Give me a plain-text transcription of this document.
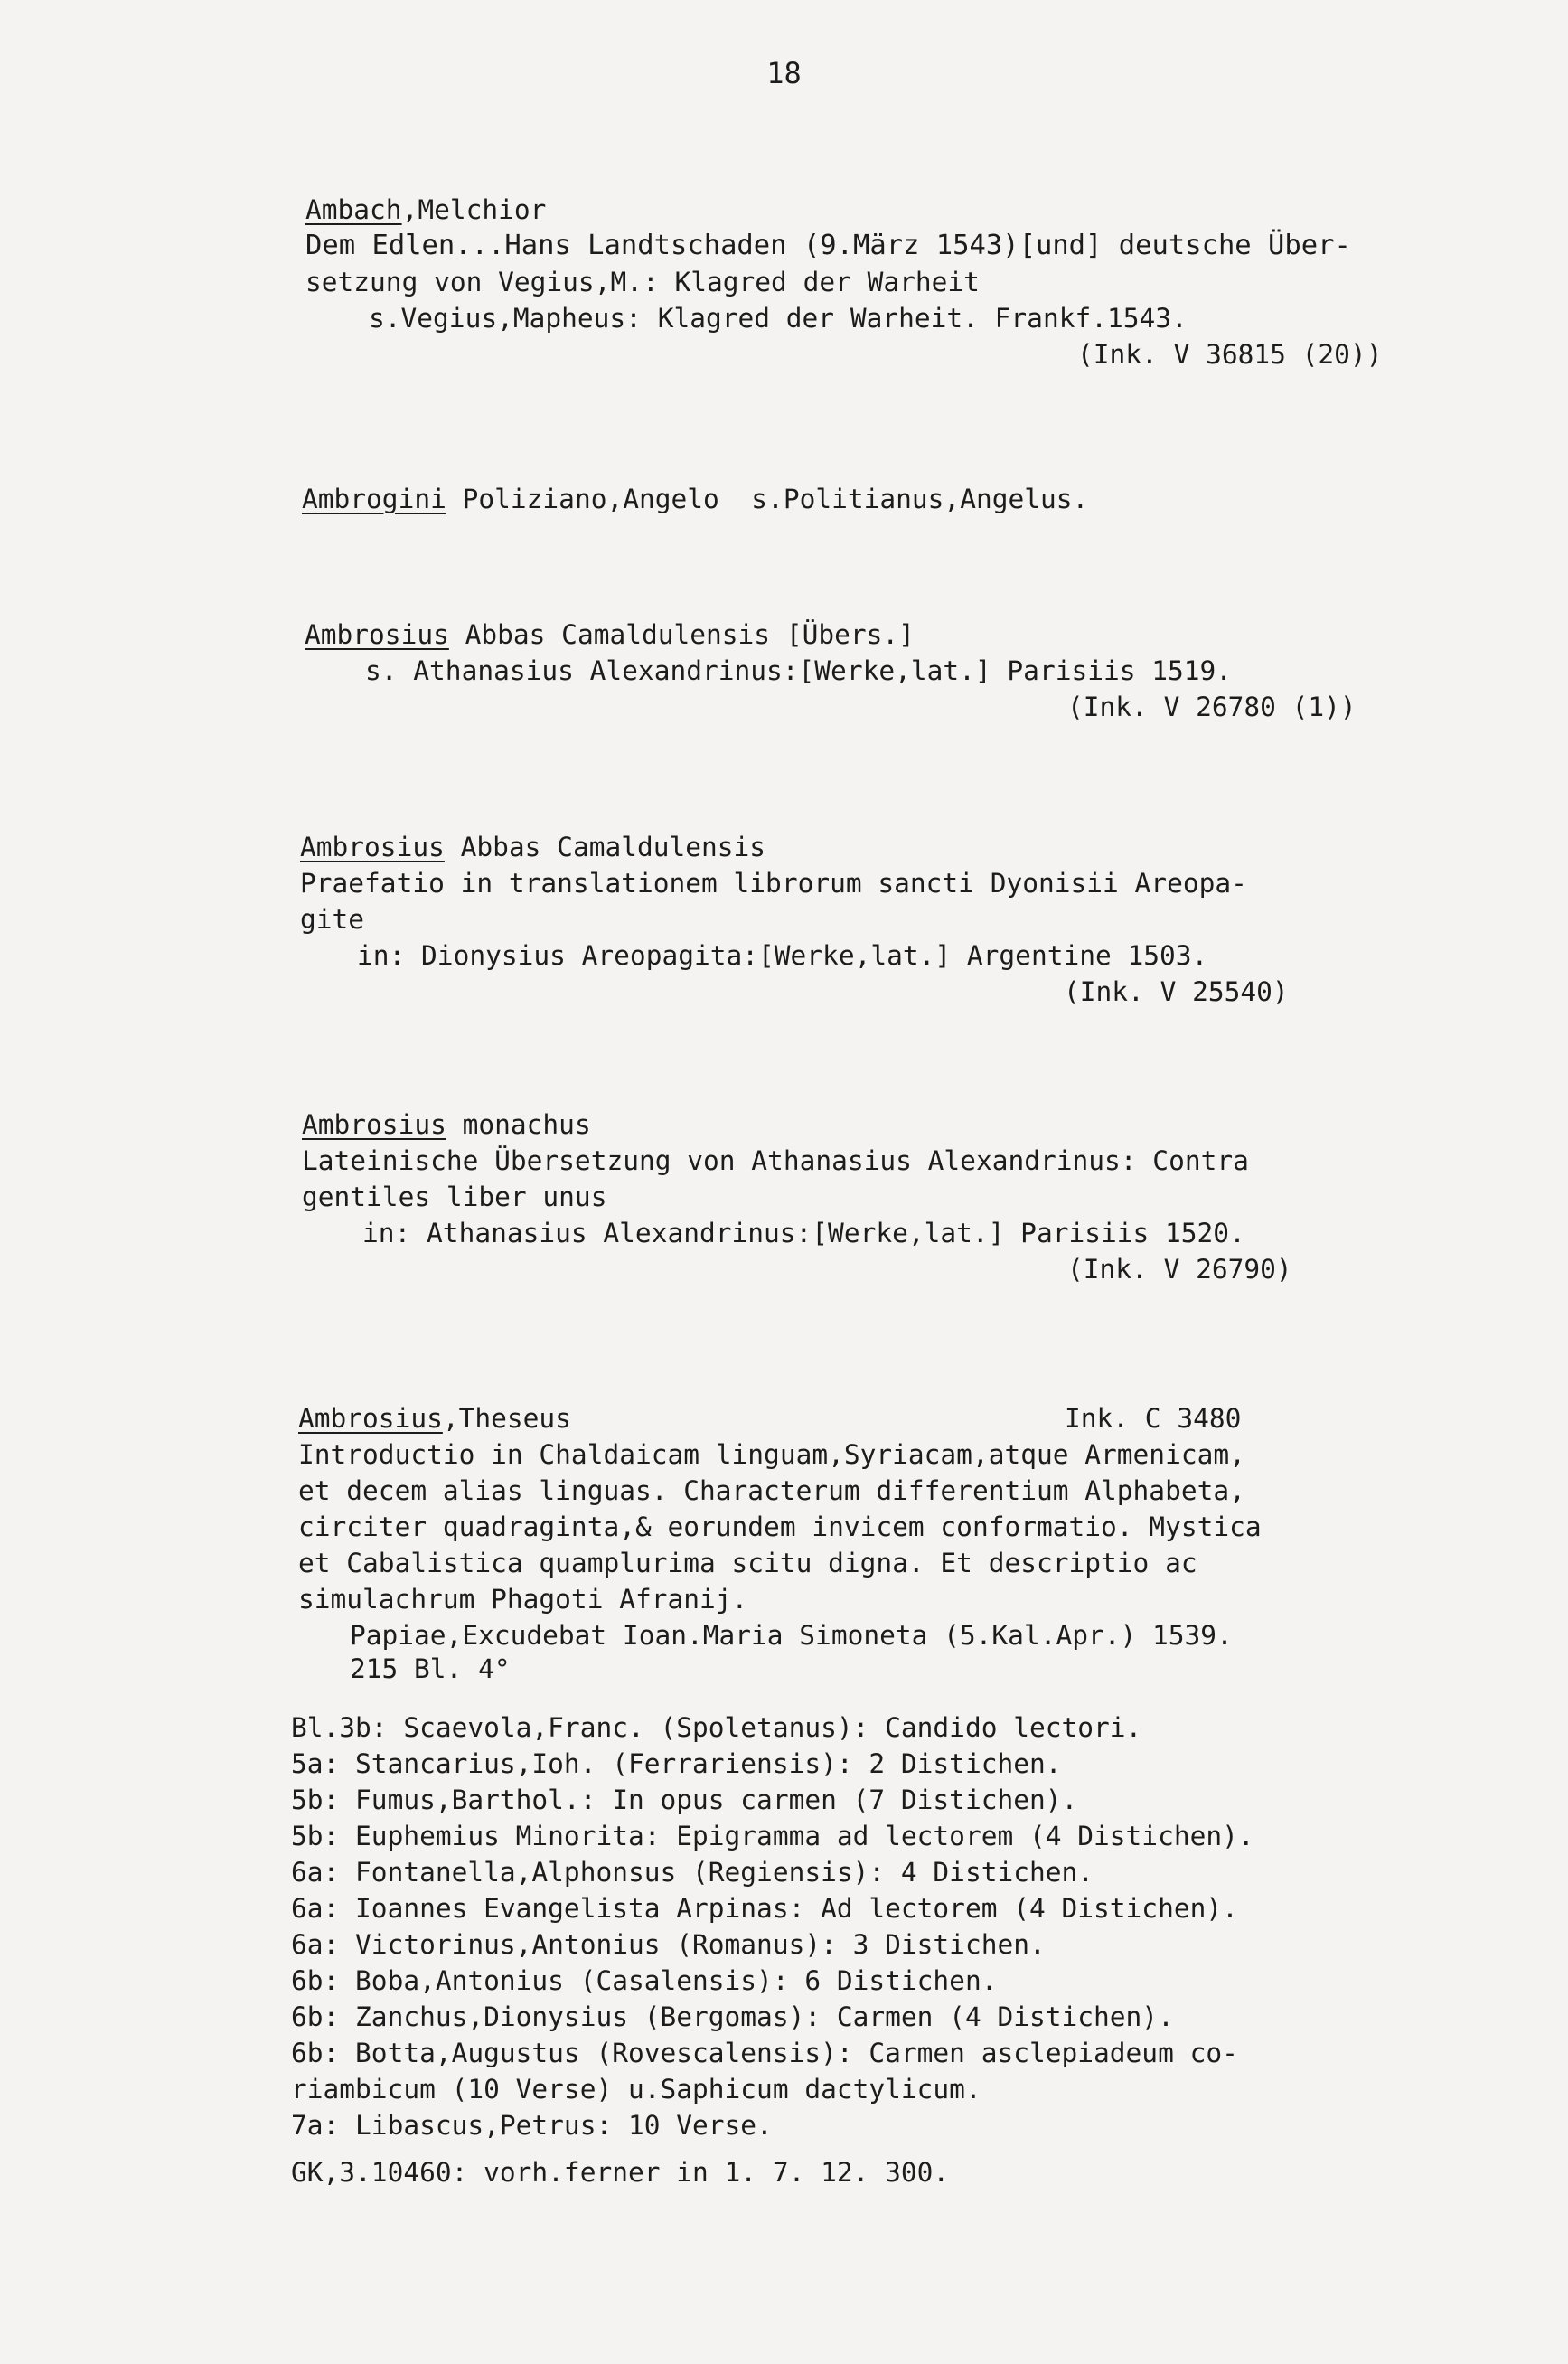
18
Ambach,Melchior
Dem Edlen...Hans Landtschaden (9.März 1543)[und] deutsche Über-
setzung von Vegius,M.: Klagred der Warheit
s.Vegius,Mapheus: Klagred der Warheit. Frankf.1543.
(Ink. V 36815 (20))
Ambrogini Poliziano,Angelo  s.Politianus,Angelus.
Ambrosius Abbas Camaldulensis [Übers.]
s. Athanasius Alexandrinus:[Werke,lat.] Parisiis 1519.
(Ink. V 26780 (1))
Ambrosius Abbas Camaldulensis
Praefatio in translationem librorum sancti Dyonisii Areopa-
gite
in: Dionysius Areopagita:[Werke,lat.] Argentine 1503.
(Ink. V 25540)
Ambrosius monachus
Lateinische Übersetzung von Athanasius Alexandrinus: Contra
gentiles liber unus
in: Athanasius Alexandrinus:[Werke,lat.] Parisiis 1520.
(Ink. V 26790)
Ambrosius,Theseus	Ink. C 3480
Introductio in Chaldaicam linguam,Syriacam,atque Armenicam,
et decem alias linguas. Characterum differentium Alphabeta,
circiter quadraginta,& eorundem invicem conformatio. Mystica
et Cabalistica quamplurima scitu digna. Et descriptio ac
simulachrum Phagoti Afranij.
Papiae,Excudebat Ioan.Maria Simoneta (5.Kal.Apr.) 1539.
215 Bl. 4°
Bl.3b: Scaevola,Franc. (Spoletanus): Candido lectori.
5a: Stancarius,Ioh. (Ferrariensis): 2 Distichen.
5b: Fumus,Barthol.: In opus carmen (7 Distichen).
5b: Euphemius Minorita: Epigramma ad lectorem (4 Distichen).
6a: Fontanella,Alphonsus (Regiensis): 4 Distichen.
6a: Ioannes Evangelista Arpinas: Ad lectorem (4 Distichen).
6a: Victorinus,Antonius (Romanus): 3 Distichen.
6b: Boba,Antonius (Casalensis): 6 Distichen.
6b: Zanchus,Dionysius (Bergomas): Carmen (4 Distichen).
6b: Botta,Augustus (Rovescalensis): Carmen asclepiadeum co-
riambicum (10 Verse) u.Saphicum dactylicum.
7a: Libascus,Petrus: 10 Verse.
GK,3.10460: vorh.ferner in 1. 7. 12. 300.
